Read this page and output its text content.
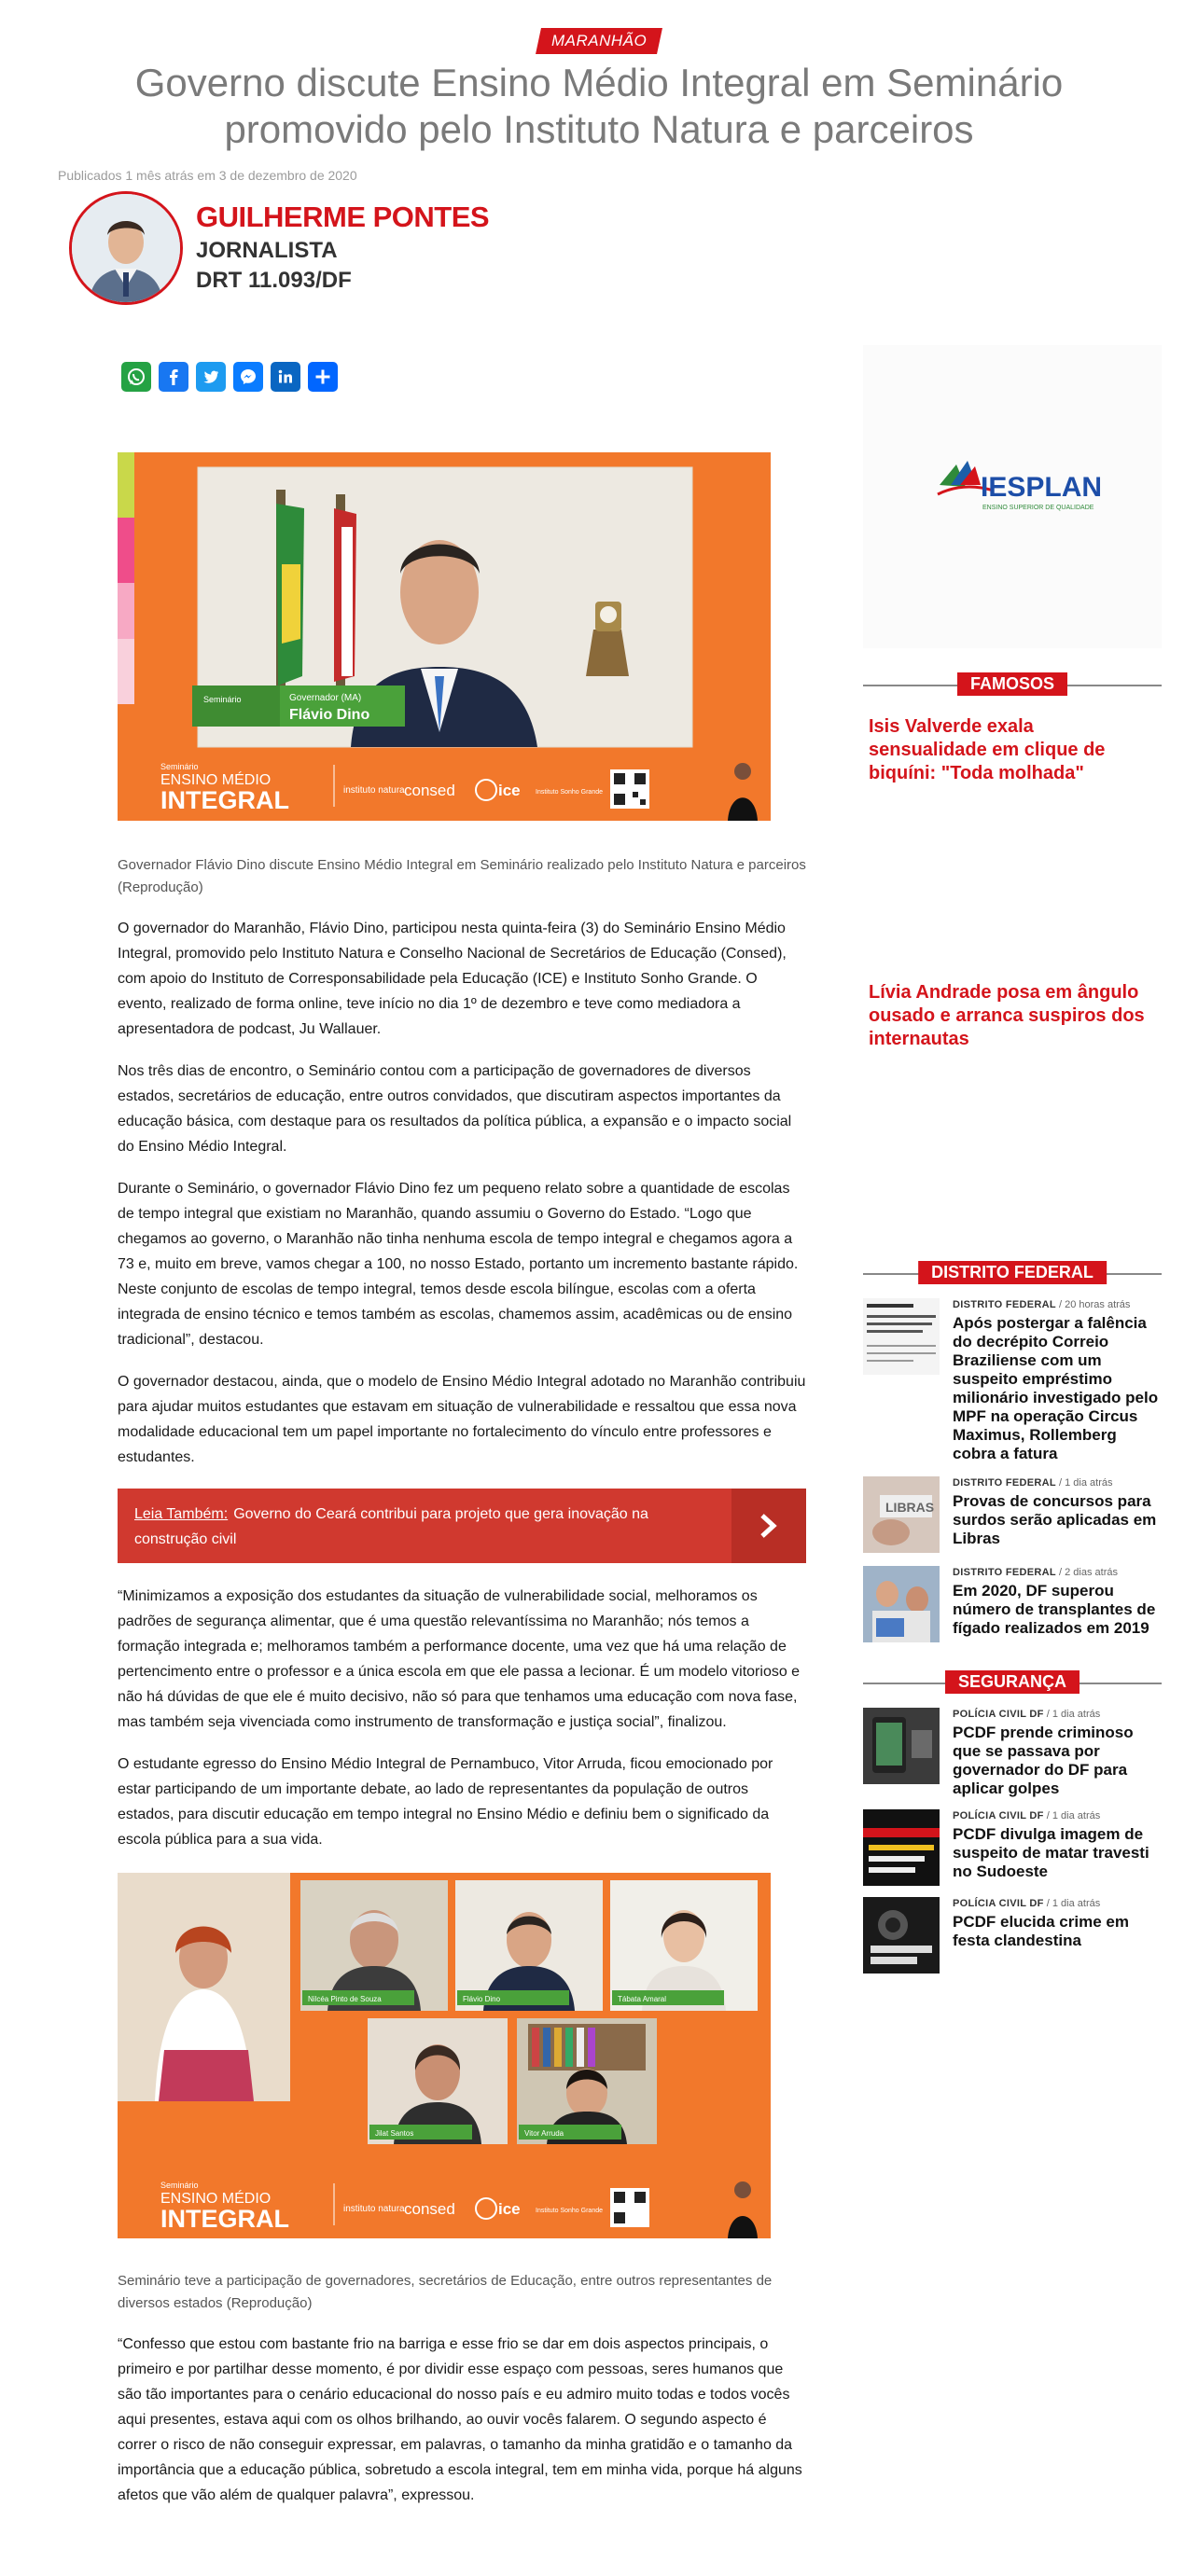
MARANHÃO
Governo discute Ensino Médio Integral em Seminário promovido pelo Instituto Natura e parceiros
Publicados 1 mês atrás em 3 de dezembro de 2020
GUILHERME PONTES
JORNALISTA
DRT 11.093/DF
Seminário	Governador (MA)
Flávio Dino
Seminário
ENSINO MÉDIO
INTEGRAL	instituto natura consed	ice Instituto Sonho Grande

Governador Flávio Dino discute Ensino Médio Integral em Seminário realizado pelo Instituto Natura e parceiros (Reprodução)

O governador do Maranhão, Flávio Dino, participou nesta quinta-feira (3) do Seminário Ensino Médio Integral, promovido pelo Instituto Natura e Conselho Nacional de Secretários de Educação (Consed), com apoio do Instituto de Corresponsabilidade pela Educação (ICE) e Instituto Sonho Grande. O evento, realizado de forma online, teve início no dia 1º de dezembro e teve como mediadora a apresentadora de podcast, Ju Wallauer.

Nos três dias de encontro, o Seminário contou com a participação de governadores de diversos estados, secretários de educação, entre outros convidados, que discutiram aspectos importantes da educação básica, com destaque para os resultados da política pública, a expansão e o impacto social do Ensino Médio Integral.

Durante o Seminário, o governador Flávio Dino fez um pequeno relato sobre a quantidade de escolas de tempo integral que existiam no Maranhão, quando assumiu o Governo do Estado. “Logo que chegamos ao governo, o Maranhão não tinha nenhuma escola de tempo integral e chegamos agora a 73 e, muito em breve, vamos chegar a 100, no nosso Estado, portanto um incremento bastante rápido. Neste conjunto de escolas de tempo integral, temos desde escola bilíngue, escolas com a oferta integrada de ensino técnico e temos também as escolas, chamemos assim, acadêmicas ou de ensino tradicional”, destacou.

O governador destacou, ainda, que o modelo de Ensino Médio Integral adotado no Maranhão contribuiu para ajudar muitos estudantes que estavam em situação de vulnerabilidade e ressaltou que essa nova modalidade educacional tem um papel importante no fortalecimento do vínculo entre professores e estudantes.

Leia Também: Governo do Ceará contribui para projeto que gera inovação na construção civil

“Minimizamos a exposição dos estudantes da situação de vulnerabilidade social, melhoramos os padrões de segurança alimentar, que é uma questão relevantíssima no Maranhão; nós temos a formação integrada e; melhoramos também a performance docente, uma vez que há uma relação de pertencimento entre o professor e a única escola em que ele passa a lecionar. É um modelo vitorioso e não há dúvidas de que ele é muito decisivo, não só para que tenhamos uma educação com nova fase, mas também seja vivenciada como instrumento de transformação e justiça social”, finalizou.

O estudante egresso do Ensino Médio Integral de Pernambuco, Vitor Arruda, ficou emocionado por estar participando de um importante debate, ao lado de representantes da população de outros estados, para discutir educação em tempo integral no Ensino Médio e definiu bem o significado da escola pública para a sua vida.

Nilcéa Pinto de Souza	Flávio Dino	Tábata Amaral
Jilat Santos	Vitor Arruda
Seminário
ENSINO MÉDIO
INTEGRAL	instituto natura consed	ice Instituto Sonho Grande

Seminário teve a participação de governadores, secretários de Educação, entre outros representantes de diversos estados (Reprodução)

“Confesso que estou com bastante frio na barriga e esse frio se dar em dois aspectos principais, o primeiro e por partilhar desse momento, é por dividir esse espaço com pessoas, seres humanos que são tão importantes para o cenário educacional do nosso país e eu admiro muito todas e todos vocês aqui presentes, estava aqui com os olhos brilhando, ao ouvir vocês falarem. O segundo aspecto é correr o risco de não conseguir expressar, em palavras, o tamanho da minha gratidão e o tamanho da importância que a educação pública, sobretudo a escola integral, tem em minha vida, porque há alguns afetos que vão além de qualquer palavra”, expressou.

IESPLAN
ENSINO SUPERIOR DE QUALIDADE
FAMOSOS
Isis Valverde exala sensualidade em clique de biquíni: "Toda molhada"
Lívia Andrade posa em ângulo ousado e arranca suspiros dos internautas
DISTRITO FEDERAL
DISTRITO FEDERAL / 20 horas atrás
Após postergar a falência do decrépito Correio Braziliense com um suspeito empréstimo milionário investigado pelo MPF na operação Circus Maximus, Rollemberg cobra a fatura
LIBRAS
DISTRITO FEDERAL / 1 dia atrás
Provas de concursos para surdos serão aplicadas em Libras
DISTRITO FEDERAL / 2 dias atrás
Em 2020, DF superou número de transplantes de fígado realizados em 2019
SEGURANÇA
POLÍCIA CIVIL DF / 1 dia atrás
PCDF prende criminoso que se passava por governador do DF para aplicar golpes
POLÍCIA CIVIL DF / 1 dia atrás
PCDF divulga imagem de suspeito de matar travesti no Sudoeste
POLÍCIA CIVIL DF / 1 dia atrás
PCDF elucida crime em festa clandestina
